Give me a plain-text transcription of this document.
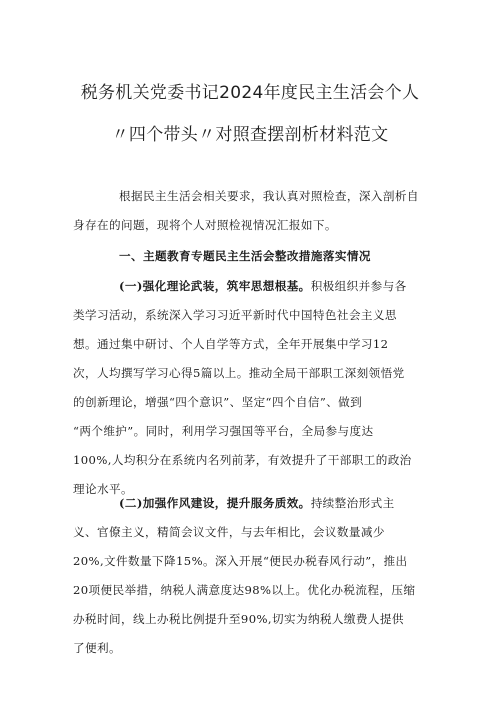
税务机关党委书记2024年度民主生活会个人
〃四个带头〃对照查摆剖析材料范文
根据民主生活会相关要求，我认真对照检查，深入剖析自
身存在的问题，现将个人对照检视情况汇报如下。
一、主题教育专题民主生活会整改措施落实情况
(一)强化理论武装，筑牢思想根基。积极组织并参与各
类学习活动，系统深入学习习近平新时代中国特色社会主义思
想。通过集中研讨、个人自学等方式，全年开展集中学习12
次，人均撰写学习心得5篇以上。推动全局干部职工深刻领悟党
的创新理论，增强“四个意识”、坚定“四个自信”、做到
“两个维护”。同时，利用学习强国等平台，全局参与度达
100%,人均积分在系统内名列前茅，有效提升了干部职工的政治
理论水平。
(二)加强作风建设，提升服务质效。持续整治形式主
义、官僚主义，精简会议文件，与去年相比，会议数量减少
20%,文件数量下降15%。深入开展“便民办税春风行动”，推出
20项便民举措，纳税人满意度达98%以上。优化办税流程，压缩
办税时间，线上办税比例提升至90%,切实为纳税人缴费人提供
了便利。
